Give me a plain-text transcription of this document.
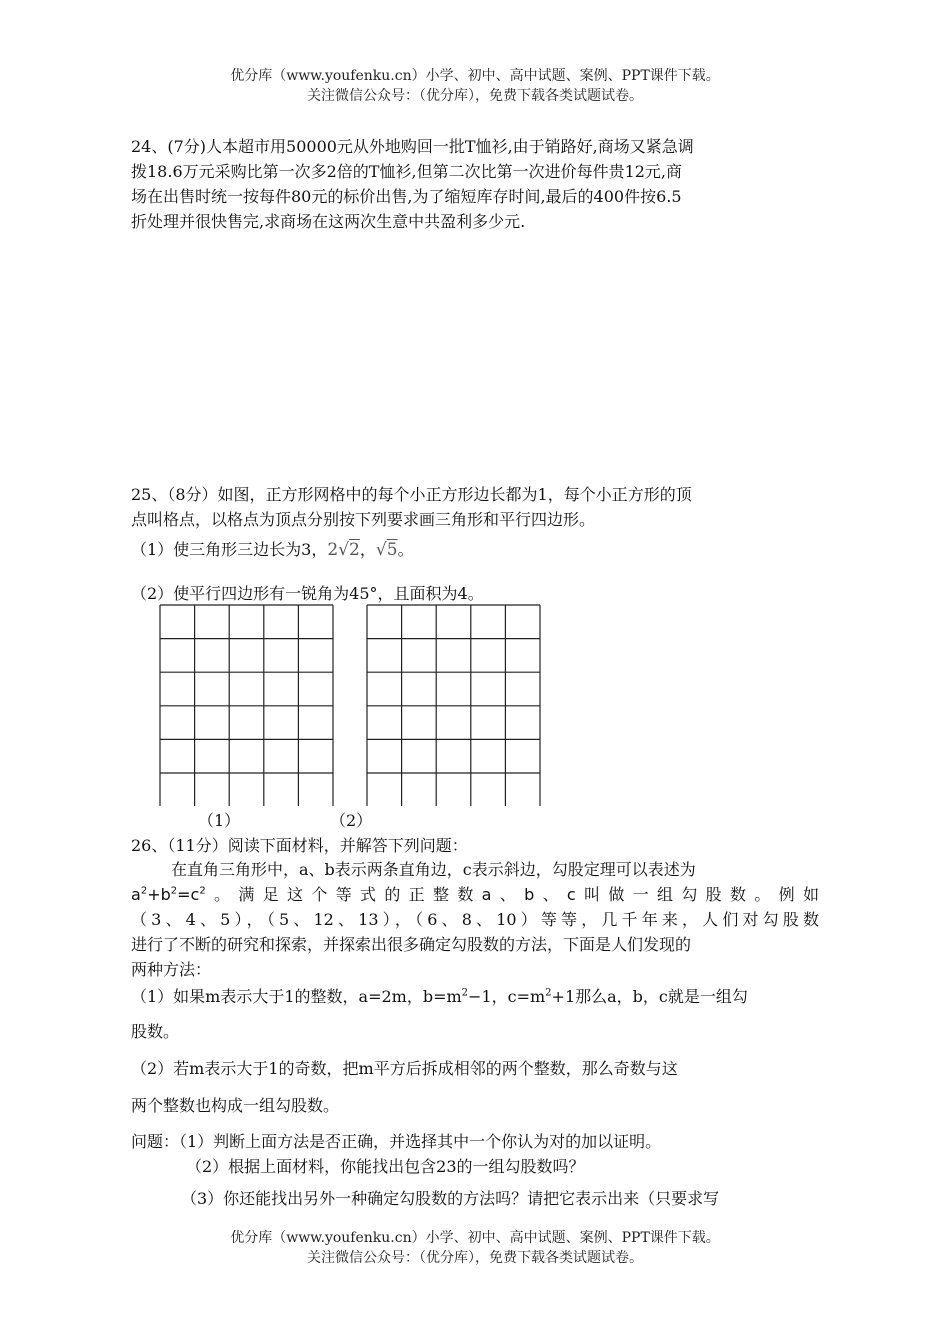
优分库（www.youfenku.cn）小学、初中、高中试题、案例、PPT课件下载。
关注微信公众号：（优分库），免费下载各类试题试卷。
24、(7分)人本超市用50000元从外地购回一批T恤衫,由于销路好,商场又紧急调
拨18.6万元采购比第一次多2倍的T恤衫,但第二次比第一次进价每件贵12元,商
场在出售时统一按每件80元的标价出售,为了缩短库存时间,最后的400件按6.5
折处理并很快售完,求商场在这两次生意中共盈利多少元.
25、（8分）如图，正方形网格中的每个小正方形边长都为1，每个小正方形的顶
点叫格点，以格点为顶点分别按下列要求画三角形和平行四边形。
（1）使三角形三边长为3，2√2，√5。
（2）使平行四边形有一锐角为45°，且面积为4。
（1）	（2）
26、（11分）阅读下面材料，并解答下列问题：
在直角三角形中，a、b表示两条直角边，c表示斜边，勾股定理可以表述为
$a^2+b^2=c^2$。满足这个等式的正整数a、b、c叫做一组勾股数。例如
（3、4、5），（5、12、13），（6、8、10）等等，几千年来，人们对勾股数
进行了不断的研究和探索，并探索出很多确定勾股数的方法，下面是人们发现的
两种方法：
（1）如果m表示大于1的整数，a=2m，$b=m^2-1$，$c=m^2+1$那么a，b，c就是一组勾
股数。
（2）若m表示大于1的奇数，把m平方后拆成相邻的两个整数，那么奇数与这
两个整数也构成一组勾股数。
问题：（1）判断上面方法是否正确，并选择其中一个你认为对的加以证明。
（2）根据上面材料，你能找出包含23的一组勾股数吗？
（3）你还能找出另外一种确定勾股数的方法吗？请把它表示出来（只要求写
优分库（www.youfenku.cn）小学、初中、高中试题、案例、PPT课件下载。
关注微信公众号：（优分库），免费下载各类试题试卷。
